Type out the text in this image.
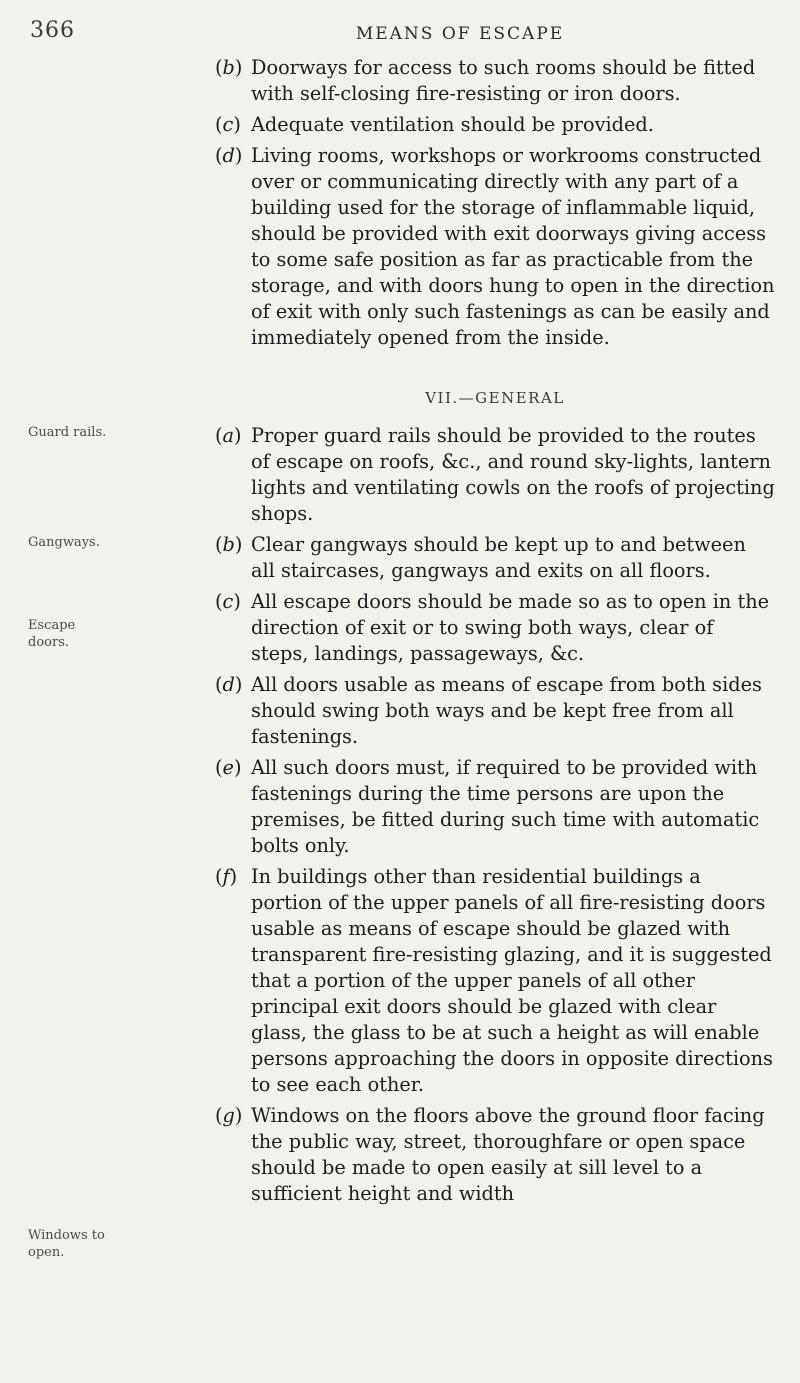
366	MEANS OF ESCAPE
Guard rails.
Gangways.
Escape doors.
Windows to open.
(b) Doorways for access to such rooms should be fitted with self-closing fire-resisting or iron doors.
(c) Adequate ventilation should be provided.
(d) Living rooms, workshops or workrooms constructed over or communicating directly with any part of a building used for the storage of inflammable liquid, should be provided with exit doorways giving access to some safe position as far as practicable from the storage, and with doors hung to open in the direction of exit with only such fastenings as can be easily and immediately opened from the inside.
VII.—GENERAL
(a) Proper guard rails should be provided to the routes of escape on roofs, &c., and round sky-lights, lantern lights and ventilating cowls on the roofs of projecting shops.
(b) Clear gangways should be kept up to and between all staircases, gangways and exits on all floors.
(c) All escape doors should be made so as to open in the direction of exit or to swing both ways, clear of steps, landings, passageways, &c.
(d) All doors usable as means of escape from both sides should swing both ways and be kept free from all fastenings.
(e) All such doors must, if required to be provided with fastenings during the time persons are upon the premises, be fitted during such time with automatic bolts only.
(f) In buildings other than residential buildings a portion of the upper panels of all fire-resisting doors usable as means of escape should be glazed with transparent fire-resisting glazing, and it is suggested that a portion of the upper panels of all other principal exit doors should be glazed with clear glass, the glass to be at such a height as will enable persons approaching the doors in opposite directions to see each other.
(g) Windows on the floors above the ground floor facing the public way, street, thoroughfare or open space should be made to open easily at sill level to a sufficient height and width
